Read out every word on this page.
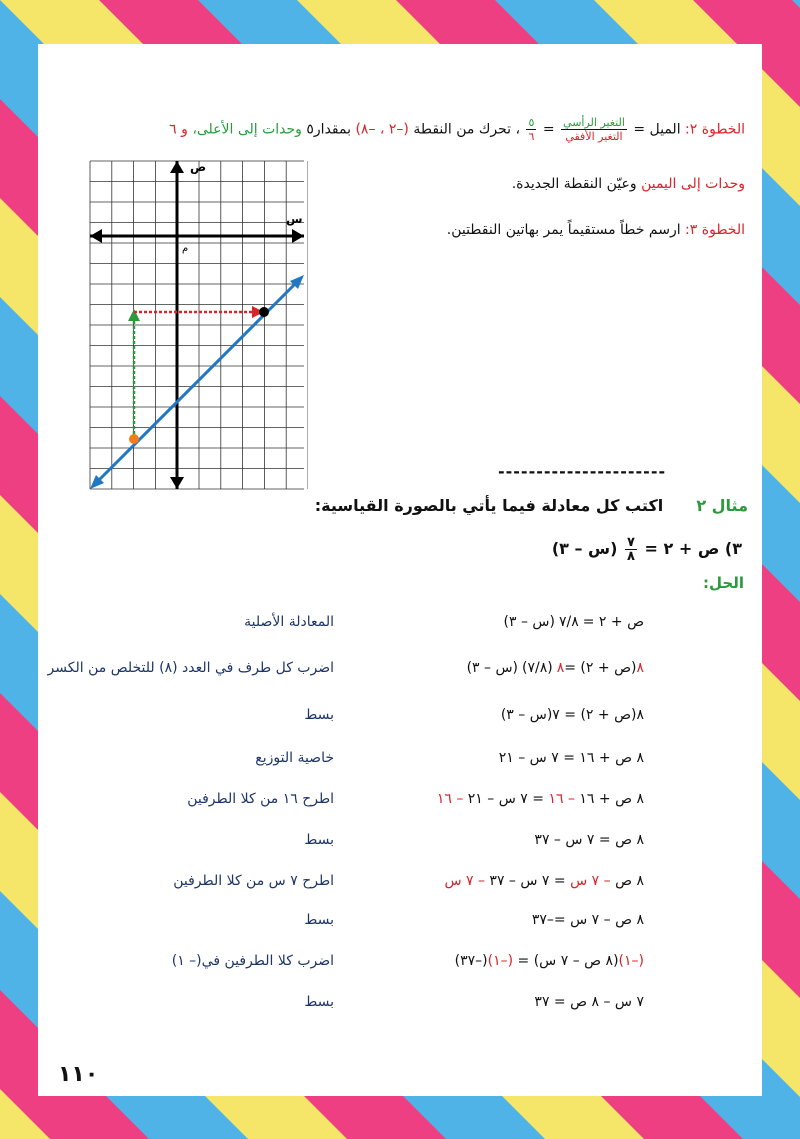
الخطوة ٢: الميل =
$\frac{\text{التغير الرأسي}}{\text{التغير الأفقي}}$
=
$\frac{٥}{٦}$
، تحرك من النقطة (–٢ ، –٨) بمقدار٥ وحدات إلى الأعلى، و ٦
وحدات إلى اليمين وعيّن النقطة الجديدة.
الخطوة ٣: ارسم خطاً مستقيماً يمر بهاتين النقطتين.
ص
س
م
----------------------
مثال ٢ اكتب كل معادلة فيما يأتي بالصورة القياسية:
٣) ص + ٢ =
$\frac{٧}{٨}$
(س – ٣)
الحل:
ص + ٢ =٧/٨(س – ٣)
المعادلة الأصلية
٨(ص + ٢) =٨(٧/٨)(س – ٣)
اضرب كل طرف في العدد (٨) للتخلص من الكسر
٨(ص + ٢) = ٧(س – ٣)
بسط
٨ ص + ١٦ = ٧ س – ٢١
خاصية التوزيع
٨ ص + ١٦ – ١٦ = ٧ س – ٢١ – ١٦
اطرح ١٦ من كلا الطرفين
٨ ص = ٧ س – ٣٧
بسط
٨ ص – ٧ س = ٧ س – ٣٧ – ٧ س
اطرح ٧ س من كلا الطرفين
٨ ص – ٧ س =–٣٧
بسط
(–١)(٨ ص – ٧ س) = (–١)(–٣٧)
اضرب كلا الطرفين في(– ١)
٧ س – ٨ ص = ٣٧
بسط
١١٠
